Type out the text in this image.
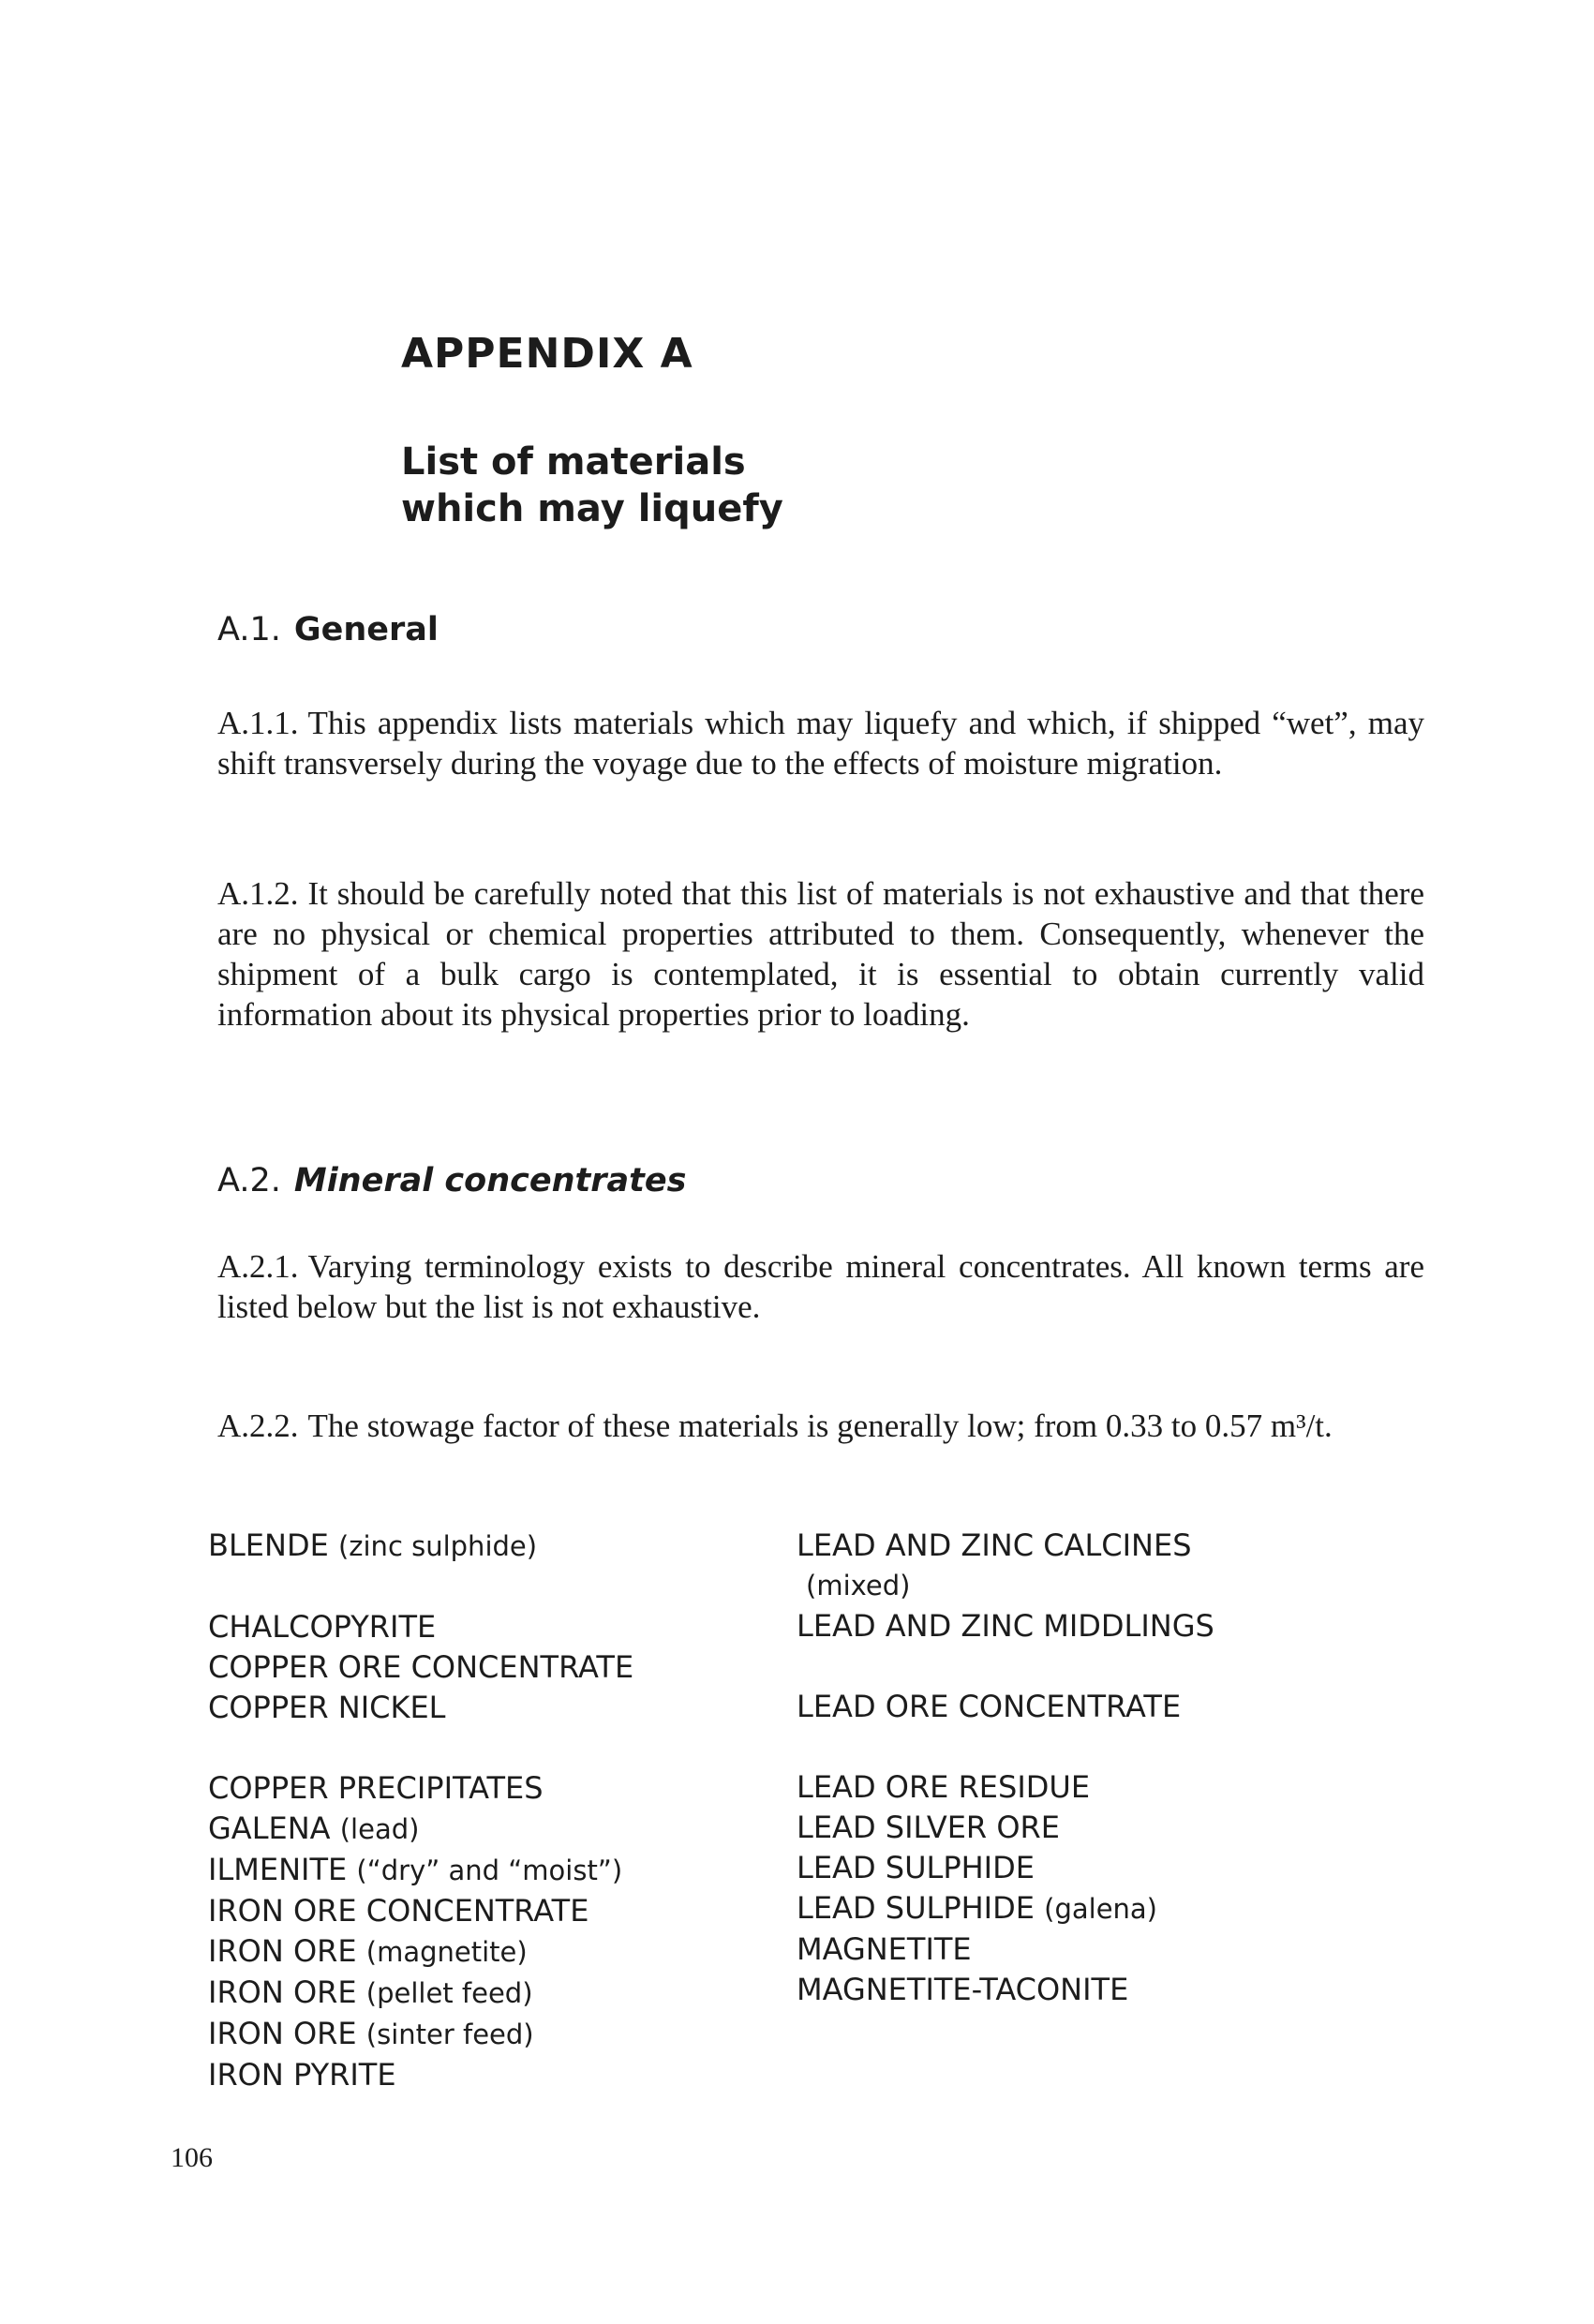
APPENDIX A
List of materials
which may liquefy
A.1. General

A.1.1. This appendix lists materials which may liquefy and which, if shipped “wet”, may shift transversely during the voyage due to the effects of moisture migration.

A.1.2. It should be carefully noted that this list of materials is not exhaustive and that there are no physical or chemical properties attributed to them. Consequently, whenever the shipment of a bulk cargo is contemplated, it is essential to obtain currently valid information about its physical properties prior to loading.

A.2. Mineral concentrates

A.2.1. Varying terminology exists to describe mineral concentrates. All known terms are listed below but the list is not exhaustive.

A.2.2. The stowage factor of these materials is generally low; from 0.33 to 0.57 m³/t.

BLENDE (zinc sulphide)
CHALCOPYRITE
COPPER ORE CONCENTRATE
COPPER NICKEL
COPPER PRECIPITATES
GALENA (lead)
ILMENITE (“dry” and “moist”)
IRON ORE CONCENTRATE
IRON ORE (magnetite)
IRON ORE (pellet feed)
IRON ORE (sinter feed)
IRON PYRITE
LEAD AND ZINC CALCINES
(mixed)
LEAD AND ZINC MIDDLINGS
LEAD ORE CONCENTRATE
LEAD ORE RESIDUE
LEAD SILVER ORE
LEAD SULPHIDE
LEAD SULPHIDE (galena)
MAGNETITE
MAGNETITE-TACONITE

106
